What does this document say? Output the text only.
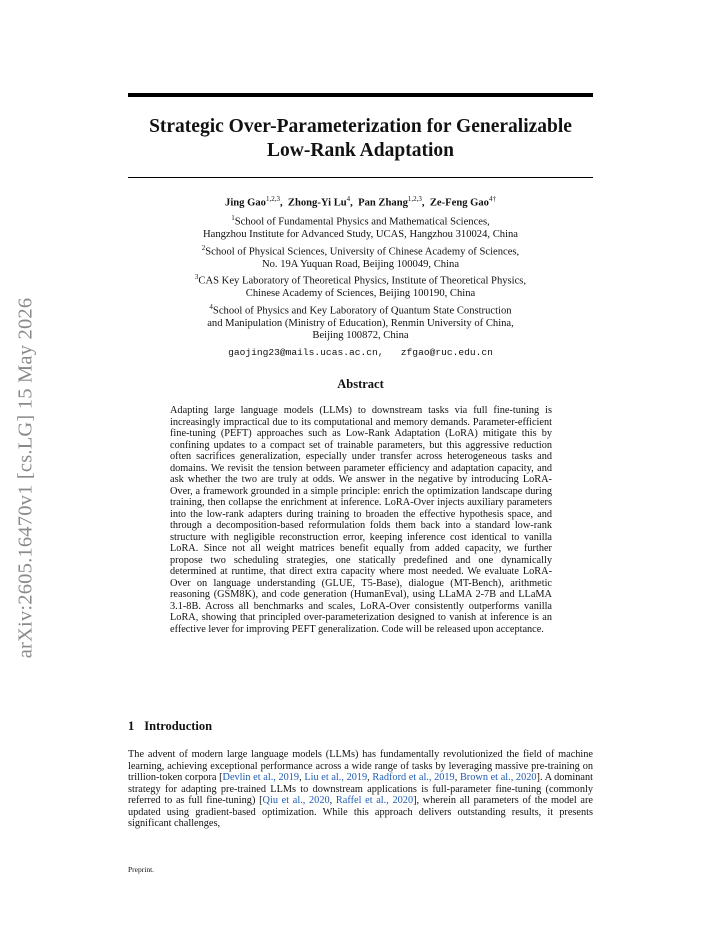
arXiv:2605.16470v1 [cs.LG] 15 May 2026
Strategic Over-Parameterization for Generalizable
Low-Rank Adaptation
Jing Gao$^{1,2,3}$,  Zhong-Yi Lu$^4$,  Pan Zhang$^{1,2,3}$,  Ze-Feng Gao$^{4\dagger}$
$^1$School of Fundamental Physics and Mathematical Sciences,
Hangzhou Institute for Advanced Study, UCAS, Hangzhou 310024, China
$^2$School of Physical Sciences, University of Chinese Academy of Sciences,
No. 19A Yuquan Road, Beijing 100049, China
$^3$CAS Key Laboratory of Theoretical Physics, Institute of Theoretical Physics,
Chinese Academy of Sciences, Beijing 100190, China
$^4$School of Physics and Key Laboratory of Quantum State Construction
and Manipulation (Ministry of Education), Renmin University of China,
Beijing 100872, China
gaojing23@mails.ucas.ac.cn, zfgao@ruc.edu.cn
Abstract
Adapting large language models (LLMs) to downstream tasks via full fine-tuning is increasingly impractical due to its computational and memory demands. Parameter-efficient fine-tuning (PEFT) approaches such as Low-Rank Adaptation (LoRA) mitigate this by confining updates to a compact set of trainable parameters, but this aggressive reduction often sacrifices generalization, especially under transfer across heterogeneous tasks and domains. We revisit the tension between parameter efficiency and adaptation capacity, and ask whether the two are truly at odds. We answer in the negative by introducing LoRA-Over, a framework grounded in a simple principle: enrich the optimization landscape during training, then collapse the enrichment at inference. LoRA-Over injects auxiliary parameters into the low-rank adapters during training to broaden the effective hypothesis space, and through a decomposition-based reformulation folds them back into a standard low-rank structure with negligible reconstruction error, keeping inference cost identical to vanilla LoRA. Since not all weight matrices benefit equally from added capacity, we further propose two scheduling strategies, one statically predefined and one dynamically determined at runtime, that direct extra capacity where most needed. We evaluate LoRA-Over on language understanding (GLUE, T5-Base), dialogue (MT-Bench), arithmetic reasoning (GSM8K), and code generation (HumanEval), using LLaMA 2-7B and LLaMA 3.1-8B. Across all benchmarks and scales, LoRA-Over consistently outperforms vanilla LoRA, showing that principled over-parameterization designed to vanish at inference is an effective lever for improving PEFT generalization. Code will be released upon acceptance.
1 Introduction
The advent of modern large language models (LLMs) has fundamentally revolutionized the field of machine learning, achieving exceptional performance across a wide range of tasks by leveraging massive pre-training on trillion-token corpora [Devlin et al., 2019, Liu et al., 2019, Radford et al., 2019, Brown et al., 2020]. A dominant strategy for adapting pre-trained LLMs to downstream applications is full-parameter fine-tuning (commonly referred to as full fine-tuning) [Qiu et al., 2020, Raffel et al., 2020], wherein all parameters of the model are updated using gradient-based optimization. While this approach delivers outstanding results, it presents significant challenges,
Preprint.
